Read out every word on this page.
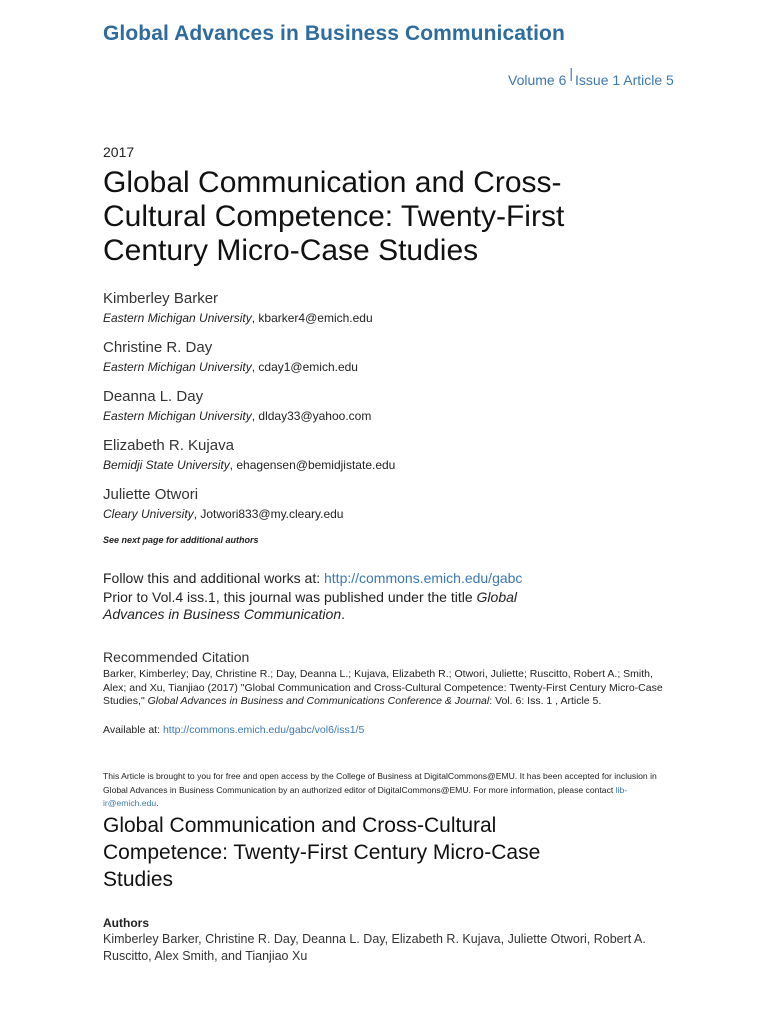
Global Advances in Business Communication
Volume 6 | Issue 1 Article 5
2017
Global Communication and Cross-Cultural Competence: Twenty-First Century Micro-Case Studies
Kimberley Barker
Eastern Michigan University, kbarker4@emich.edu
Christine R. Day
Eastern Michigan University, cday1@emich.edu
Deanna L. Day
Eastern Michigan University, dlday33@yahoo.com
Elizabeth R. Kujava
Bemidji State University, ehagensen@bemidjistate.edu
Juliette Otwori
Cleary University, Jotwori833@my.cleary.edu
See next page for additional authors
Follow this and additional works at: http://commons.emich.edu/gabc
Prior to Vol.4 iss.1, this journal was published under the title Global Advances in Business Communication.
Recommended Citation
Barker, Kimberley; Day, Christine R.; Day, Deanna L.; Kujava, Elizabeth R.; Otwori, Juliette; Ruscitto, Robert A.; Smith, Alex; and Xu, Tianjiao (2017) "Global Communication and Cross-Cultural Competence: Twenty-First Century Micro-Case Studies," Global Advances in Business and Communications Conference & Journal: Vol. 6: Iss. 1 , Article 5.
Available at: http://commons.emich.edu/gabc/vol6/iss1/5
This Article is brought to you for free and open access by the College of Business at DigitalCommons@EMU. It has been accepted for inclusion in Global Advances in Business Communication by an authorized editor of DigitalCommons@EMU. For more information, please contact lib-ir@emich.edu.
Global Communication and Cross-Cultural Competence: Twenty-First Century Micro-Case Studies
Authors
Kimberley Barker, Christine R. Day, Deanna L. Day, Elizabeth R. Kujava, Juliette Otwori, Robert A. Ruscitto, Alex Smith, and Tianjiao Xu
